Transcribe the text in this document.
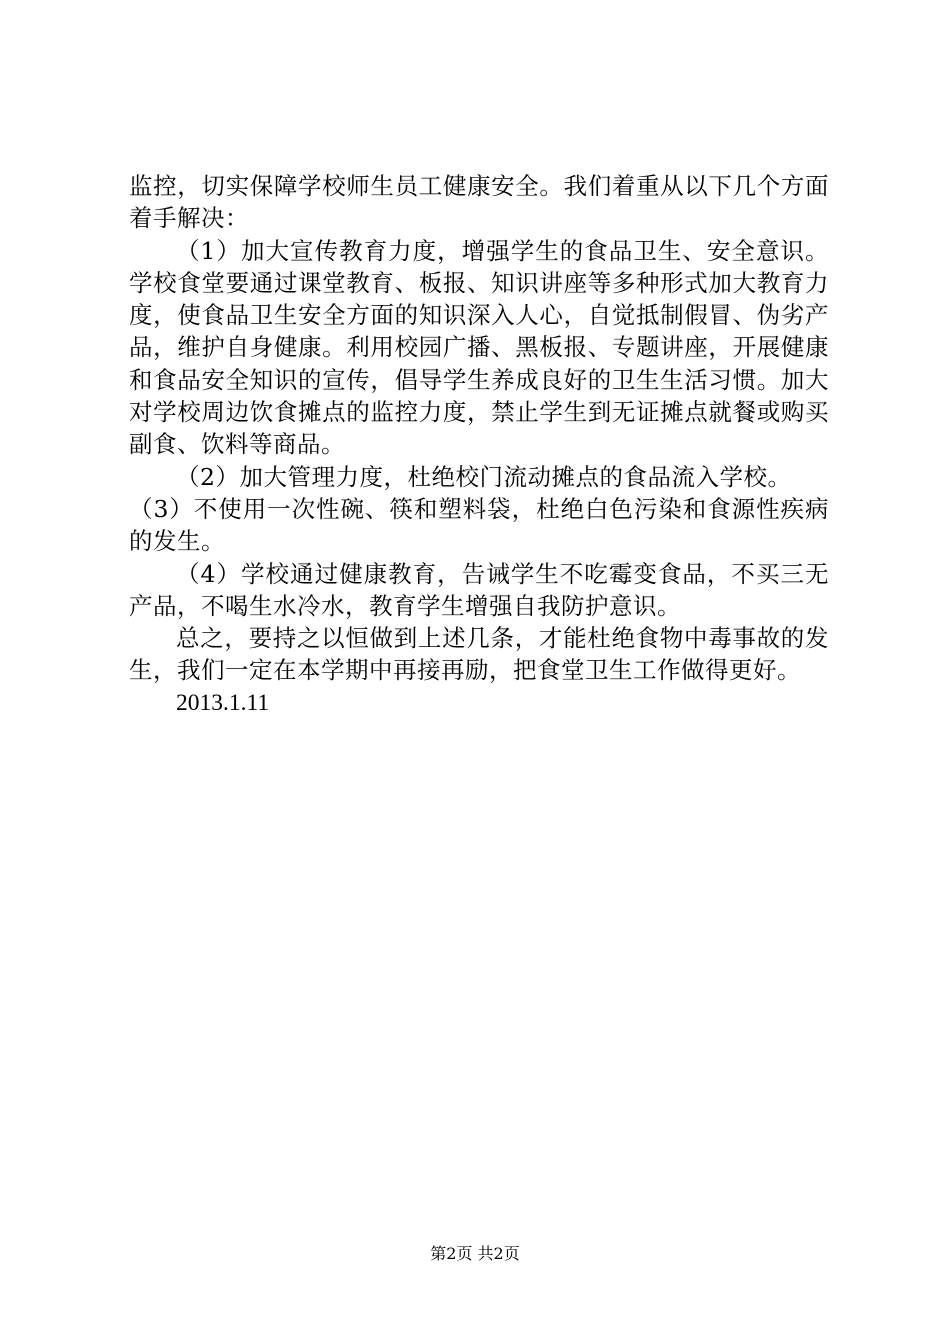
监控，切实保障学校师生员工健康安全。我们着重从以下几个方面着手解决：

（1）加大宣传教育力度，增强学生的食品卫生、安全意识。学校食堂要通过课堂教育、板报、知识讲座等多种形式加大教育力度，使食品卫生安全方面的知识深入人心，自觉抵制假冒、伪劣产品，维护自身健康。利用校园广播、黑板报、专题讲座，开展健康和食品安全知识的宣传，倡导学生养成良好的卫生生活习惯。加大对学校周边饮食摊点的监控力度，禁止学生到无证摊点就餐或购买副食、饮料等商品。

（2）加大管理力度，杜绝校门流动摊点的食品流入学校。

（3）不使用一次性碗、筷和塑料袋，杜绝白色污染和食源性疾病的发生。

（4）学校通过健康教育，告诫学生不吃霉变食品，不买三无产品，不喝生水冷水，教育学生增强自我防护意识。

总之，要持之以恒做到上述几条，才能杜绝食物中毒事故的发生，我们一定在本学期中再接再励，把食堂卫生工作做得更好。

2013.1.11

第2页 共2页
